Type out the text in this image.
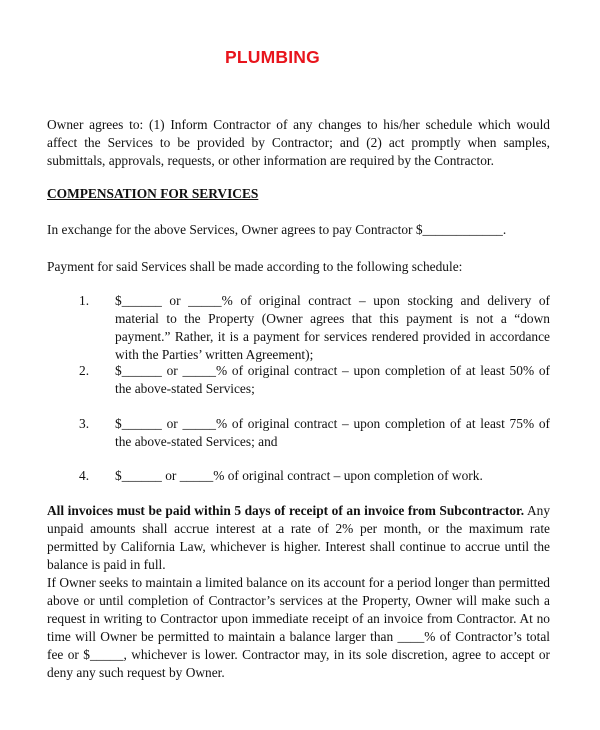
PLUMBING

Owner agrees to: (1) Inform Contractor of any changes to his/her schedule which would affect the Services to be provided by Contractor; and (2) act promptly when samples, submittals, approvals, requests, or other information are required by the Contractor.

COMPENSATION FOR SERVICES

In exchange for the above Services, Owner agrees to pay Contractor $____________.

Payment for said Services shall be made according to the following schedule:

1. $______ or _____% of original contract – upon stocking and delivery of material to the Property (Owner agrees that this payment is not a “down payment.” Rather, it is a payment for services rendered provided in accordance with the Parties’ written Agreement);

2. $______ or _____% of original contract – upon completion of at least 50% of the above-stated Services;

3. $______ or _____% of original contract – upon completion of at least 75% of the above-stated Services; and

4. $______ or _____% of original contract – upon completion of work.

All invoices must be paid within 5 days of receipt of an invoice from Subcontractor. Any unpaid amounts shall accrue interest at a rate of 2% per month, or the maximum rate permitted by California Law, whichever is higher. Interest shall continue to accrue until the balance is paid in full.

If Owner seeks to maintain a limited balance on its account for a period longer than permitted above or until completion of Contractor’s services at the Property, Owner will make such a request in writing to Contractor upon immediate receipt of an invoice from Contractor. At no time will Owner be permitted to maintain a balance larger than ____% of Contractor’s total fee or $_____, whichever is lower. Contractor may, in its sole discretion, agree to accept or deny any such request by Owner.
